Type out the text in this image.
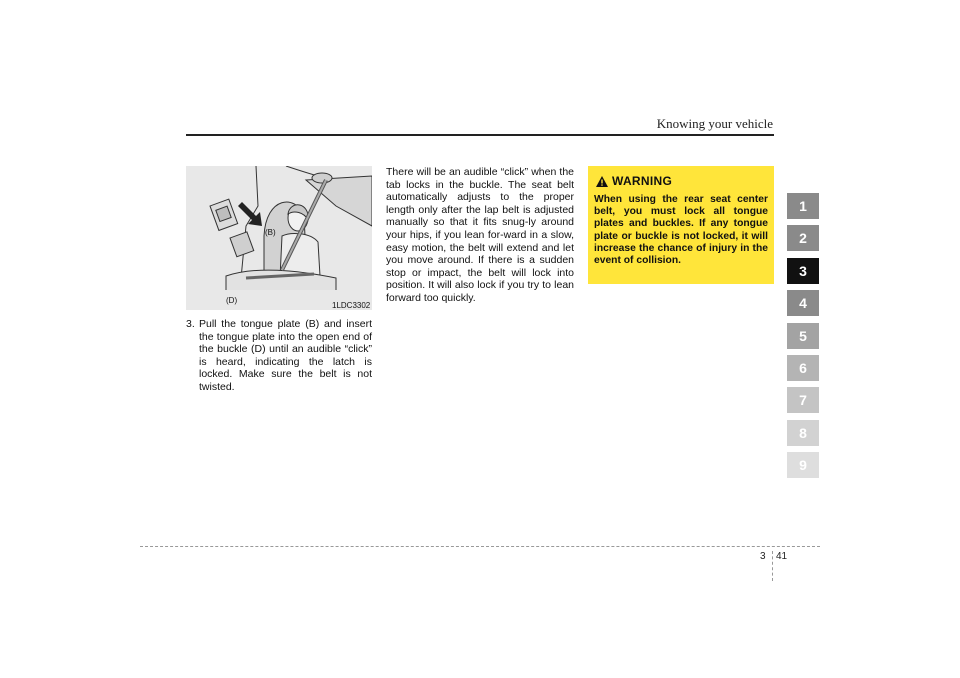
Knowing your vehicle
(B)
(D)
1LDC3302
3. Pull the tongue plate (B) and insert the tongue plate into the open end of the buckle (D) until an audible “click” is heard, indicating the latch is locked. Make sure the belt is not twisted.
There will be an audible “click” when the tab locks in the buckle. The seat belt automatically adjusts to the proper length only after the lap belt is adjusted manually so that it fits snug-ly around your hips, if you lean for-ward in a slow, easy motion, the belt will extend and let you move around. If there is a sudden stop or impact, the belt will lock into position. It will also lock if you try to lean forward too quickly.
WARNING
When using the rear seat center belt, you must lock all tongue plates and buckles. If any tongue plate or buckle is not locked, it will increase the chance of injury in the event of collision.
1
2
3
4
5
6
7
8
9
3 41
